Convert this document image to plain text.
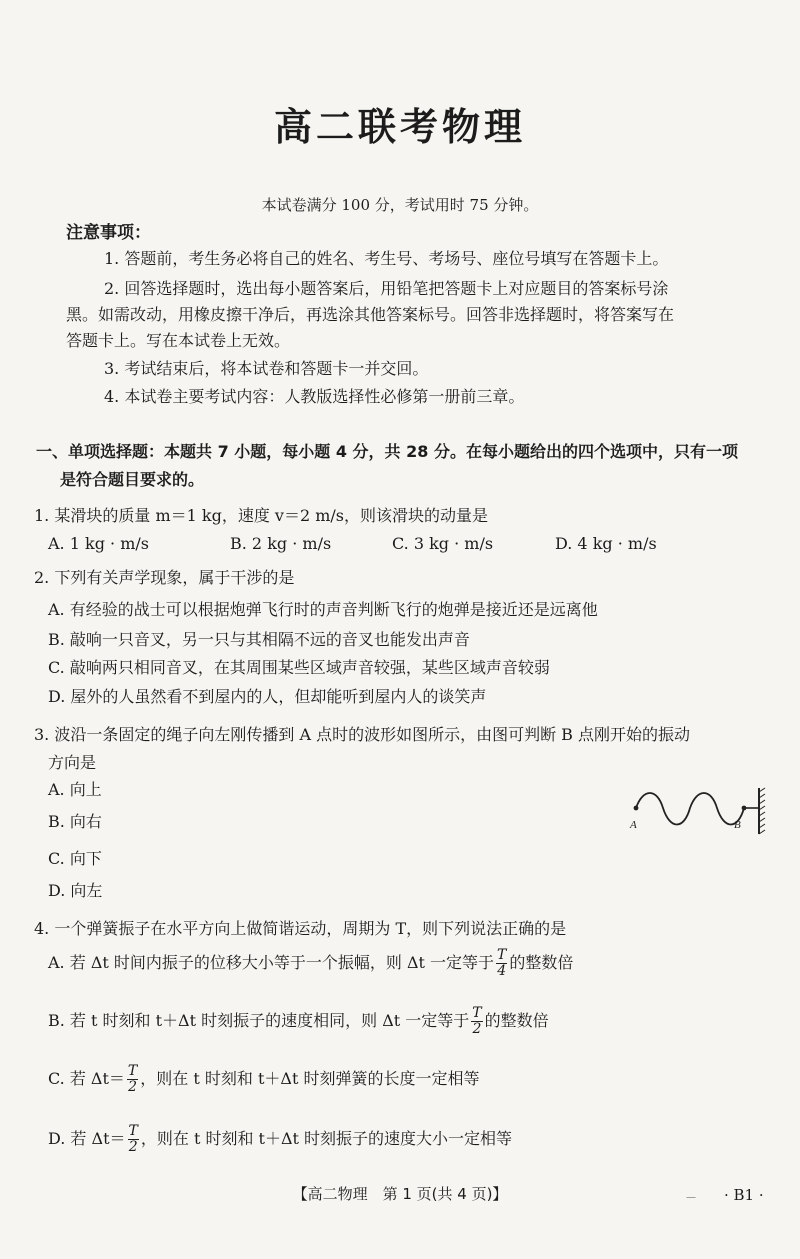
高二联考物理
本试卷满分 100 分，考试用时 75 分钟。
注意事项：
1. 答题前，考生务必将自己的姓名、考生号、考场号、座位号填写在答题卡上。
2. 回答选择题时，选出每小题答案后，用铅笔把答题卡上对应题目的答案标号涂
黑。如需改动，用橡皮擦干净后，再选涂其他答案标号。回答非选择题时，将答案写在
答题卡上。写在本试卷上无效。
3. 考试结束后，将本试卷和答题卡一并交回。
4. 本试卷主要考试内容：人教版选择性必修第一册前三章。
一、单项选择题：本题共 7 小题，每小题 4 分，共 28 分。在每小题给出的四个选项中，只有一项
是符合题目要求的。
1. 某滑块的质量 m＝1 kg，速度 v＝2 m/s，则该滑块的动量是
A. 1 kg · m/s	B. 2 kg · m/s	C. 3 kg · m/s	D. 4 kg · m/s
2. 下列有关声学现象，属于干涉的是
A. 有经验的战士可以根据炮弹飞行时的声音判断飞行的炮弹是接近还是远离他
B. 敲响一只音叉，另一只与其相隔不远的音叉也能发出声音
C. 敲响两只相同音叉，在其周围某些区域声音较强，某些区域声音较弱
D. 屋外的人虽然看不到屋内的人，但却能听到屋内人的谈笑声
3. 波沿一条固定的绳子向左刚传播到 A 点时的波形如图所示，由图可判断 B 点刚开始的振动
方向是
A. 向上
B. 向右
C. 向下
D. 向左
A	B
4. 一个弹簧振子在水平方向上做简谐运动，周期为 T，则下列说法正确的是
A. 若 Δt 时间内振子的位移大小等于一个振幅，则 Δt 一定等于 $\frac{T}{4}$ 的整数倍
B. 若 t 时刻和 t＋Δt 时刻振子的速度相同，则 Δt 一定等于 $\frac{T}{2}$ 的整数倍
C. 若 $\Delta t= \frac{T}{2}$ ，则在 t 时刻和 t＋Δt 时刻弹簧的长度一定相等
D. 若 $\Delta t= \frac{T}{2}$ ，则在 t 时刻和 t＋Δt 时刻振子的速度大小一定相等
【高二物理　第 1 页(共 4 页)】	－ · B1 ·
